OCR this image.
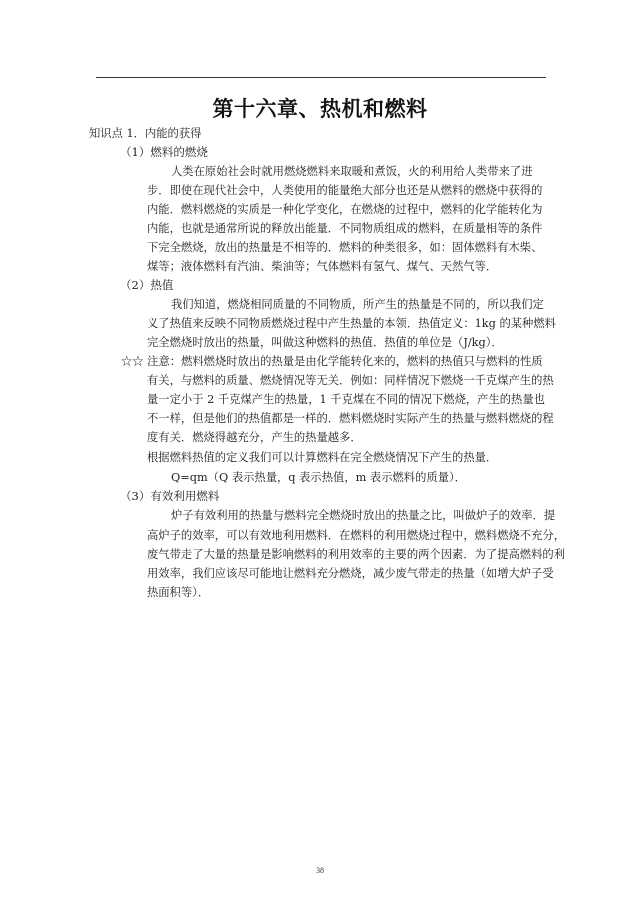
第十六章、热机和燃料
知识点 1．内能的获得
（1）燃料的燃烧
人类在原始社会时就用燃烧燃料来取暖和煮饭，火的利用给人类带来了进
步．即使在现代社会中，人类使用的能量绝大部分也还是从燃料的燃烧中获得的
内能．燃料燃烧的实质是一种化学变化，在燃烧的过程中，燃料的化学能转化为
内能，也就是通常所说的释放出能量．不同物质组成的燃料，在质量相等的条件
下完全燃烧，放出的热量是不相等的．燃料的种类很多，如：固体燃料有木柴、
煤等；液体燃料有汽油、柴油等；气体燃料有氢气、煤气、天然气等．
（2）热值
我们知道，燃烧相同质量的不同物质，所产生的热量是不同的，所以我们定
义了热值来反映不同物质燃烧过程中产生热量的本领．热值定义：1kg 的某种燃料
完全燃烧时放出的热量，叫做这种燃料的热值．热值的单位是（J/kg）．
☆☆ 注意：燃料燃烧时放出的热量是由化学能转化来的，燃料的热值只与燃料的性质
有关，与燃料的质量、燃烧情况等无关．例如：同样情况下燃烧一千克煤产生的热
量一定小于 2 千克煤产生的热量，1 千克煤在不同的情况下燃烧，产生的热量也
不一样，但是他们的热值都是一样的．燃料燃烧时实际产生的热量与燃料燃烧的程
度有关．燃烧得越充分，产生的热量越多．
根据燃料热值的定义我们可以计算燃料在完全燃烧情况下产生的热量．
Q=qm（Q 表示热量，q 表示热值，m 表示燃料的质量）．
（3）有效利用燃料
炉子有效利用的热量与燃料完全燃烧时放出的热量之比，叫做炉子的效率．提
高炉子的效率，可以有效地利用燃料．在燃料的利用燃烧过程中，燃料燃烧不充分，
废气带走了大量的热量是影响燃料的利用效率的主要的两个因素．为了提高燃料的利
用效率，我们应该尽可能地让燃料充分燃烧，减少废气带走的热量（如增大炉子受
热面积等）．
38
